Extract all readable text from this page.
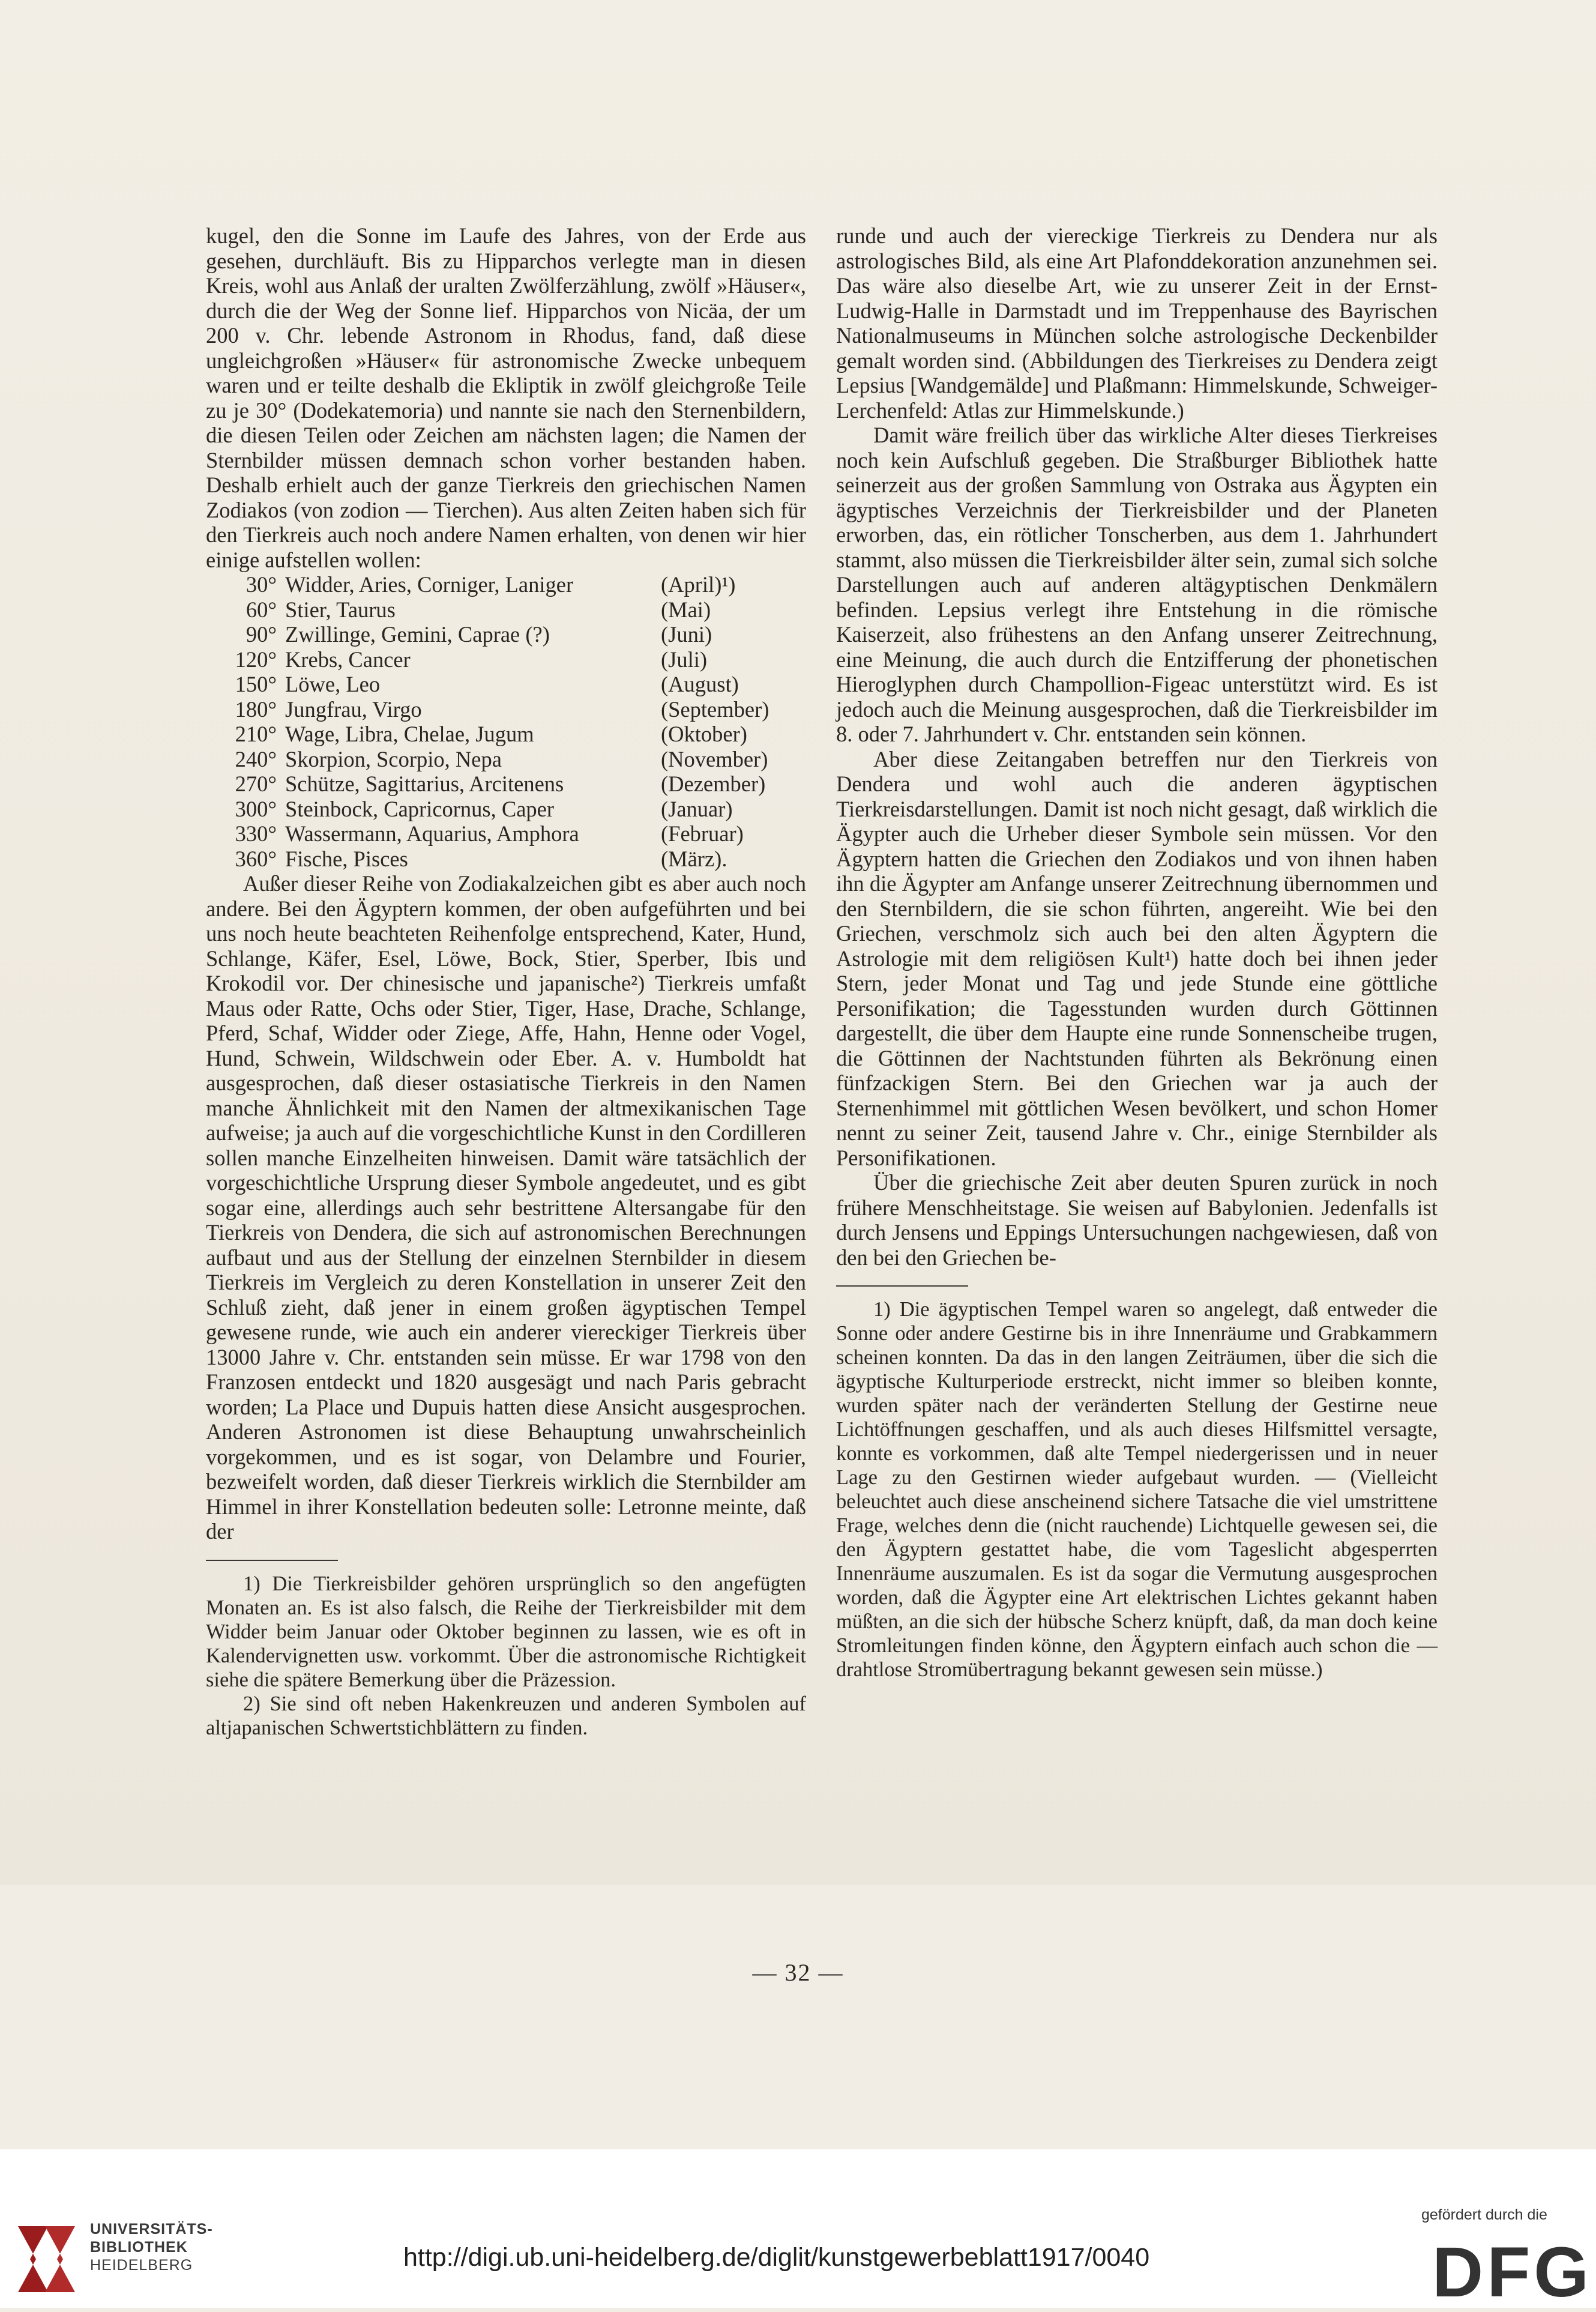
kugel, den die Sonne im Laufe des Jahres, von der Erde aus gesehen, durchläuft. Bis zu Hipparchos verlegte man in diesen Kreis, wohl aus Anlaß der uralten Zwölferzählung, zwölf »Häuser«, durch die der Weg der Sonne lief. Hipparchos von Nicäa, der um 200 v. Chr. lebende Astronom in Rhodus, fand, daß diese ungleichgroßen »Häuser« für astronomische Zwecke unbequem waren und er teilte deshalb die Ekliptik in zwölf gleichgroße Teile zu je 30° (Dodekatemoria) und nannte sie nach den Sternenbildern, die diesen Teilen oder Zeichen am nächsten lagen; die Namen der Sternbilder müssen demnach schon vorher bestanden haben. Deshalb erhielt auch der ganze Tierkreis den griechischen Namen Zodiakos (von zodion — Tierchen). Aus alten Zeiten haben sich für den Tierkreis auch noch andere Namen erhalten, von denen wir hier einige aufstellen wollen:

30° Widder, Aries, Corniger, Laniger	(April)¹)
60° Stier, Taurus	(Mai)
90° Zwillinge, Gemini, Caprae (?)	(Juni)
120° Krebs, Cancer	(Juli)
150° Löwe, Leo	(August)
180° Jungfrau, Virgo	(September)
210° Wage, Libra, Chelae, Jugum	(Oktober)
240° Skorpion, Scorpio, Nepa	(November)
270° Schütze, Sagittarius, Arcitenens	(Dezember)
300° Steinbock, Capricornus, Caper	(Januar)
330° Wassermann, Aquarius, Amphora	(Februar)
360° Fische, Pisces	(März).

Außer dieser Reihe von Zodiakalzeichen gibt es aber auch noch andere. Bei den Ägyptern kommen, der oben aufgeführten und bei uns noch heute beachteten Reihenfolge entsprechend, Kater, Hund, Schlange, Käfer, Esel, Löwe, Bock, Stier, Sperber, Ibis und Krokodil vor. Der chinesische und japanische²) Tierkreis umfaßt Maus oder Ratte, Ochs oder Stier, Tiger, Hase, Drache, Schlange, Pferd, Schaf, Widder oder Ziege, Affe, Hahn, Henne oder Vogel, Hund, Schwein, Wildschwein oder Eber. A. v. Humboldt hat ausgesprochen, daß dieser ostasiatische Tierkreis in den Namen manche Ähnlichkeit mit den Namen der altmexikanischen Tage aufweise; ja auch auf die vorgeschichtliche Kunst in den Cordilleren sollen manche Einzelheiten hinweisen. Damit wäre tatsächlich der vorgeschichtliche Ursprung dieser Symbole angedeutet, und es gibt sogar eine, allerdings auch sehr bestrittene Altersangabe für den Tierkreis von Dendera, die sich auf astronomischen Berechnungen aufbaut und aus der Stellung der einzelnen Sternbilder in diesem Tierkreis im Vergleich zu deren Konstellation in unserer Zeit den Schluß zieht, daß jener in einem großen ägyptischen Tempel gewesene runde, wie auch ein anderer viereckiger Tierkreis über 13000 Jahre v. Chr. entstanden sein müsse. Er war 1798 von den Franzosen entdeckt und 1820 ausgesägt und nach Paris gebracht worden; La Place und Dupuis hatten diese Ansicht ausgesprochen. Anderen Astronomen ist diese Behauptung unwahrscheinlich vorgekommen, und es ist sogar, von Delambre und Fourier, bezweifelt worden, daß dieser Tierkreis wirklich die Sternbilder am Himmel in ihrer Konstellation bedeuten solle: Letronne meinte, daß der

1) Die Tierkreisbilder gehören ursprünglich so den angefügten Monaten an. Es ist also falsch, die Reihe der Tierkreisbilder mit dem Widder beim Januar oder Oktober beginnen zu lassen, wie es oft in Kalendervignetten usw. vorkommt. Über die astronomische Richtigkeit siehe die spätere Bemerkung über die Präzession.

2) Sie sind oft neben Hakenkreuzen und anderen Symbolen auf altjapanischen Schwertstichblättern zu finden.

runde und auch der viereckige Tierkreis zu Dendera nur als astrologisches Bild, als eine Art Plafonddekoration anzunehmen sei. Das wäre also dieselbe Art, wie zu unserer Zeit in der Ernst-Ludwig-Halle in Darmstadt und im Treppenhause des Bayrischen Nationalmuseums in München solche astrologische Deckenbilder gemalt worden sind. (Abbildungen des Tierkreises zu Dendera zeigt Lepsius [Wandgemälde] und Plaßmann: Himmelskunde, Schweiger-Lerchenfeld: Atlas zur Himmelskunde.)

Damit wäre freilich über das wirkliche Alter dieses Tierkreises noch kein Aufschluß gegeben. Die Straßburger Bibliothek hatte seinerzeit aus der großen Sammlung von Ostraka aus Ägypten ein ägyptisches Verzeichnis der Tierkreisbilder und der Planeten erworben, das, ein rötlicher Tonscherben, aus dem 1. Jahrhundert stammt, also müssen die Tierkreisbilder älter sein, zumal sich solche Darstellungen auch auf anderen altägyptischen Denkmälern befinden. Lepsius verlegt ihre Entstehung in die römische Kaiserzeit, also frühestens an den Anfang unserer Zeitrechnung, eine Meinung, die auch durch die Entzifferung der phonetischen Hieroglyphen durch Champollion-Figeac unterstützt wird. Es ist jedoch auch die Meinung ausgesprochen, daß die Tierkreisbilder im 8. oder 7. Jahrhundert v. Chr. entstanden sein können.

Aber diese Zeitangaben betreffen nur den Tierkreis von Dendera und wohl auch die anderen ägyptischen Tierkreisdarstellungen. Damit ist noch nicht gesagt, daß wirklich die Ägypter auch die Urheber dieser Symbole sein müssen. Vor den Ägyptern hatten die Griechen den Zodiakos und von ihnen haben ihn die Ägypter am Anfange unserer Zeitrechnung übernommen und den Sternbildern, die sie schon führten, angereiht. Wie bei den Griechen, verschmolz sich auch bei den alten Ägyptern die Astrologie mit dem religiösen Kult¹) hatte doch bei ihnen jeder Stern, jeder Monat und Tag und jede Stunde eine göttliche Personifikation; die Tagesstunden wurden durch Göttinnen dargestellt, die über dem Haupte eine runde Sonnenscheibe trugen, die Göttinnen der Nachtstunden führten als Bekrönung einen fünfzackigen Stern. Bei den Griechen war ja auch der Sternenhimmel mit göttlichen Wesen bevölkert, und schon Homer nennt zu seiner Zeit, tausend Jahre v. Chr., einige Sternbilder als Personifikationen.

Über die griechische Zeit aber deuten Spuren zurück in noch frühere Menschheitstage. Sie weisen auf Babylonien. Jedenfalls ist durch Jensens und Eppings Untersuchungen nachgewiesen, daß von den bei den Griechen be-

1) Die ägyptischen Tempel waren so angelegt, daß entweder die Sonne oder andere Gestirne bis in ihre Innenräume und Grabkammern scheinen konnten. Da das in den langen Zeiträumen, über die sich die ägyptische Kulturperiode erstreckt, nicht immer so bleiben konnte, wurden später nach der veränderten Stellung der Gestirne neue Lichtöffnungen geschaffen, und als auch dieses Hilfsmittel versagte, konnte es vorkommen, daß alte Tempel niedergerissen und in neuer Lage zu den Gestirnen wieder aufgebaut wurden. — (Vielleicht beleuchtet auch diese anscheinend sichere Tatsache die viel umstrittene Frage, welches denn die (nicht rauchende) Lichtquelle gewesen sei, die den Ägyptern gestattet habe, die vom Tageslicht abgesperrten Innenräume auszumalen. Es ist da sogar die Vermutung ausgesprochen worden, daß die Ägypter eine Art elektrischen Lichtes gekannt haben müßten, an die sich der hübsche Scherz knüpft, daß, da man doch keine Stromleitungen finden könne, den Ägyptern einfach auch schon die — drahtlose Stromübertragung bekannt gewesen sein müsse.)

— 32 —
UNIVERSITÄTS-
BIBLIOTHEK
HEIDELBERG	http://digi.ub.uni-heidelberg.de/diglit/kunstgewerbeblatt1917/0040
gefördert durch die
DFG
